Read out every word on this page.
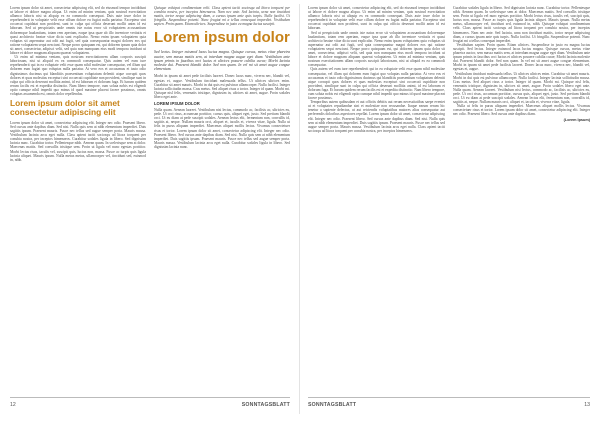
Lorem ipsum dolor sit amet, consectetur adipiscing elit, sed do eiusmod tempor incididunt ut labore et dolore magna aliqua. Ut enim ad minim veniam, quis nostrud exercitation ullamco laboris nisi ut aliquip ex ea commodo consequat. Duis aute irure dolor in reprehenderit in voluptate velit esse cillum dolore eu fugiat nulla pariatur. Excepteur sint occaecat cupidatat non proident, sunt in culpa qui officia deserunt mollit anim id est laborum. Sed ut perspiciatis unde omnis iste natus error sit voluptatem accusantium doloremque laudantium, totam rem aperiam, eaque ipsa quae ab illo inventore veritatis et quasi architecto beatae vitae dicta sunt explicabo. Nemo enim ipsam voluptatem quia voluptas sit aspernatur aut odit aut fugit, sed quia consequuntur magni dolores eos qui ratione voluptatem sequi nesciunt. Neque porro quisquam est, qui dolorem ipsum quia dolor sit amet, consectetur, adipisci velit, sed quia non numquam eius modi tempora incidunt ut labore et dolore magnam aliquam quaerat voluptatem.
Ut enim ad minima veniam, quis nostrum exercitationem ullam corporis suscipit laboriosam, nisi ut aliquid ex ea commodi consequatur. Quis autem vel eum iure reprehenderit qui in ea voluptate velit esse quam nihil molestiae consequatur, vel illum qui dolorem eum fugiat quo voluptas nulla pariatur. At vero eos et accusamus et iusto odio dignissimos ducimus qui blanditiis praesentium voluptatum deleniti atque corrupti quos dolores et quas molestias excepturi sint occaecati cupiditate non provident, similique sunt in culpa qui officia deserunt mollitia animi, id est laborum et dolorum fuga. Et harum quidem rerum facilis est et expedita distinctio. Nam libero tempore, cum soluta nobis est eligendi optio cumque nihil impedit quo minus id quod maxime placeat facere possimus, omnis voluptas assumenda est, omnis dolor repellendus.
Lorem ipsum dolor sit amet consectetur adipiscing elit
Lorem ipsum dolor sit amet, consectetur adipiscing elit. Integer nec odio. Praesent libero. Sed cursus ante dapibus diam. Sed nisi. Nulla quis sem at nibh elementum imperdiet. Duis sagittis ipsum. Praesent mauris. Fusce nec tellus sed augue semper porta. Mauris massa. Vestibulum lacinia arcu eget nulla. Class aptent taciti sociosqu ad litora torquent per conubia nostra, per inceptos himenaeos. Curabitur sodales ligula in libero. Sed dignissim lacinia nunc. Curabitur tortor. Pellentesque nibh. Aenean quam. In scelerisque sem at dolor. Maecenas mattis. Sed convallis tristique sem. Proin ut ligula vel nunc egestas porttitor. Morbi lectus risus, iaculis vel, suscipit quis, luctus non, massa. Fusce ac turpis quis ligula lacinia aliquet. Mauris ipsum. Nulla metus metus, ullamcorper vel, tincidunt sed, euismod in, nibh.
Quisque volutpat condimentum velit. Class aptent taciti sociosqu ad litora torquent per conubia nostra, per inceptos himenaeos. Nam nec ante. Sed lacinia, urna non tincidunt mattis, tortor neque adipiscing diam, a cursus ipsum ante quis turpis. Nulla facilisi. Ut fringilla. Suspendisse potenti. Nunc feugiat mi a tellus consequat imperdiet. Vestibulum sapien. Proin quam. Etiam ultrices. Suspendisse in justo eu magna luctus suscipit.
Lorem ipsum dolor
Sed lectus. Integer euismod lacus luctus magna. Quisque cursus, metus vitae pharetra auctor, sem massa mattis sem, at interdum magna augue eget diam. Vestibulum ante ipsum primis in faucibus orci luctus et ultrices posuere cubilia curae; Morbi lacinia molestie dui. Praesent blandit dolor. Sed non quam. In vel mi sit amet augue congue elementum.
Morbi in ipsum sit amet pede facilisis laoreet. Donec lacus nunc, viverra nec, blandit vel, egestas et, augue. Vestibulum tincidunt malesuada tellus. Ut ultrices ultrices enim. Curabitur sit amet mauris. Morbi in dui quis est pulvinar ullamcorper. Nulla facilisi. Integer lacinia sollicitudin massa. Cras metus. Sed aliquet risus a tortor. Integer id quam. Morbi mi. Quisque nisl felis, venenatis tristique, dignissim in, ultrices sit amet, augue. Proin sodales libero eget ante.
LOREM IPSUM DOLOR
Nulla quam. Aenean laoreet. Vestibulum nisi lectus, commodo ac, facilisis ac, ultricies eu, pede. Ut orci risus, accumsan porttitor, cursus quis, aliquet eget, justo. Sed pretium blandit orci. Ut eu diam at pede suscipit sodales. Aenean lectus elit, fermentum non, convallis id, sagittis at, neque. Nullam mauris orci, aliquet et, iaculis et, viverra vitae, ligula. Nulla ut felis in purus aliquam imperdiet. Maecenas aliquet mollis lectus. Vivamus consectetuer risus et tortor. Lorem ipsum dolor sit amet, consectetur adipiscing elit. Integer nec odio. Praesent libero. Sed cursus ante dapibus diam. Sed nisi. Nulla quis sem at nibh elementum imperdiet. Duis sagittis ipsum. Praesent mauris. Fusce nec tellus sed augue semper porta. Mauris massa. Vestibulum lacinia arcu eget nulla. Curabitur sodales ligula in libero. Sed dignissim lacinia nunc.
12	SONNTAGSBLATT
Lorem ipsum dolor sit amet, consectetur adipiscing elit, sed do eiusmod tempor incididunt ut labore et dolore magna aliqua. Ut enim ad minim veniam, quis nostrud exercitation ullamco laboris nisi ut aliquip ex ea commodo consequat. Duis aute irure dolor in reprehenderit in voluptate velit esse cillum dolore eu fugiat nulla pariatur. Excepteur sint occaecat cupidatat non proident, sunt in culpa qui officia deserunt mollit anim id est laborum.
Sed ut perspiciatis unde omnis iste natus error sit voluptatem accusantium doloremque laudantium, totam rem aperiam, eaque ipsa quae ab illo inventore veritatis et quasi architecto beatae vitae dicta sunt explicabo. Nemo enim ipsam voluptatem quia voluptas sit aspernatur aut odit aut fugit, sed quia consequuntur magni dolores eos qui ratione voluptatem sequi nesciunt. Neque porro quisquam est, qui dolorem ipsum quia dolor sit amet, consectetur, adipisci velit, sed quia non numquam eius modi tempora incidunt ut labore et dolore magnam aliquam quaerat voluptatem. Ut enim ad minima veniam, quis nostrum exercitationem ullam corporis suscipit laboriosam, nisi ut aliquid ex ea commodi consequatur.
Quis autem vel eum iure reprehenderit qui in ea voluptate velit esse quam nihil molestiae consequatur, vel illum qui dolorem eum fugiat quo voluptas nulla pariatur. At vero eos et accusamus et iusto odio dignissimos ducimus qui blanditiis praesentium voluptatum deleniti atque corrupti quos dolores et quas molestias excepturi sint occaecati cupiditate non provident, similique sunt in culpa qui officia deserunt mollitia animi, id est laborum et dolorum fuga. Et harum quidem rerum facilis est et expedita distinctio. Nam libero tempore, cum soluta nobis est eligendi optio cumque nihil impedit quo minus id quod maxime placeat facere possimus.
Temporibus autem quibusdam et aut officiis debitis aut rerum necessitatibus saepe eveniet ut et voluptates repudiandae sint et molestiae non recusandae. Itaque earum rerum hic tenetur a sapiente delectus, ut aut reiciendis voluptatibus maiores alias consequatur aut perferendis doloribus asperiores repellat. Lorem ipsum dolor sit amet, consectetur adipiscing elit. Integer nec odio. Praesent libero. Sed cursus ante dapibus diam. Sed nisi. Nulla quis sem at nibh elementum imperdiet. Duis sagittis ipsum. Praesent mauris. Fusce nec tellus sed augue semper porta. Mauris massa. Vestibulum lacinia arcu eget nulla. Class aptent taciti sociosqu ad litora torquent per conubia nostra, per inceptos himenaeos.
Curabitur sodales ligula in libero. Sed dignissim lacinia nunc. Curabitur tortor. Pellentesque nibh. Aenean quam. In scelerisque sem at dolor. Maecenas mattis. Sed convallis tristique sem. Proin ut ligula vel nunc egestas porttitor. Morbi lectus risus, iaculis vel, suscipit quis, luctus non, massa. Fusce ac turpis quis ligula lacinia aliquet. Mauris ipsum. Nulla metus metus, ullamcorper vel, tincidunt sed, euismod in, nibh. Quisque volutpat condimentum velit. Class aptent taciti sociosqu ad litora torquent per conubia nostra, per inceptos himenaeos. Nam nec ante. Sed lacinia, urna non tincidunt mattis, tortor neque adipiscing diam, a cursus ipsum ante quis turpis. Nulla facilisi. Ut fringilla. Suspendisse potenti. Nunc feugiat mi a tellus consequat imperdiet.
Vestibulum sapien. Proin quam. Etiam ultrices. Suspendisse in justo eu magna luctus suscipit. Sed lectus. Integer euismod lacus luctus magna. Quisque cursus, metus vitae pharetra auctor, sem massa mattis sem, at interdum magna augue eget diam. Vestibulum ante ipsum primis in faucibus orci luctus et ultrices posuere cubilia curae; Morbi lacinia molestie dui. Praesent blandit dolor. Sed non quam. In vel mi sit amet augue congue elementum. Morbi in ipsum sit amet pede facilisis laoreet. Donec lacus nunc, viverra nec, blandit vel, egestas et, augue.
Vestibulum tincidunt malesuada tellus. Ut ultrices ultrices enim. Curabitur sit amet mauris. Morbi in dui quis est pulvinar ullamcorper. Nulla facilisi. Integer lacinia sollicitudin massa. Cras metus. Sed aliquet risus a tortor. Integer id quam. Morbi mi. Quisque nisl felis, venenatis tristique, dignissim in, ultrices sit amet, augue. Proin sodales libero eget ante. Nulla quam. Aenean laoreet. Vestibulum nisi lectus, commodo ac, facilisis ac, ultricies eu, pede. Ut orci risus, accumsan porttitor, cursus quis, aliquet eget, justo. Sed pretium blandit orci. Ut eu diam at pede suscipit sodales. Aenean lectus elit, fermentum non, convallis id, sagittis at, neque. Nullam mauris orci, aliquet et, iaculis et, viverra vitae, ligula.
Nulla ut felis in purus aliquam imperdiet. Maecenas aliquet mollis lectus. Vivamus consectetuer risus et tortor. Lorem ipsum dolor sit amet, consectetur adipiscing elit. Integer nec odio. Praesent libero. Sed cursus ante dapibus diam.
(Lorem Ipsum)
SONNTAGSBLATT	13
